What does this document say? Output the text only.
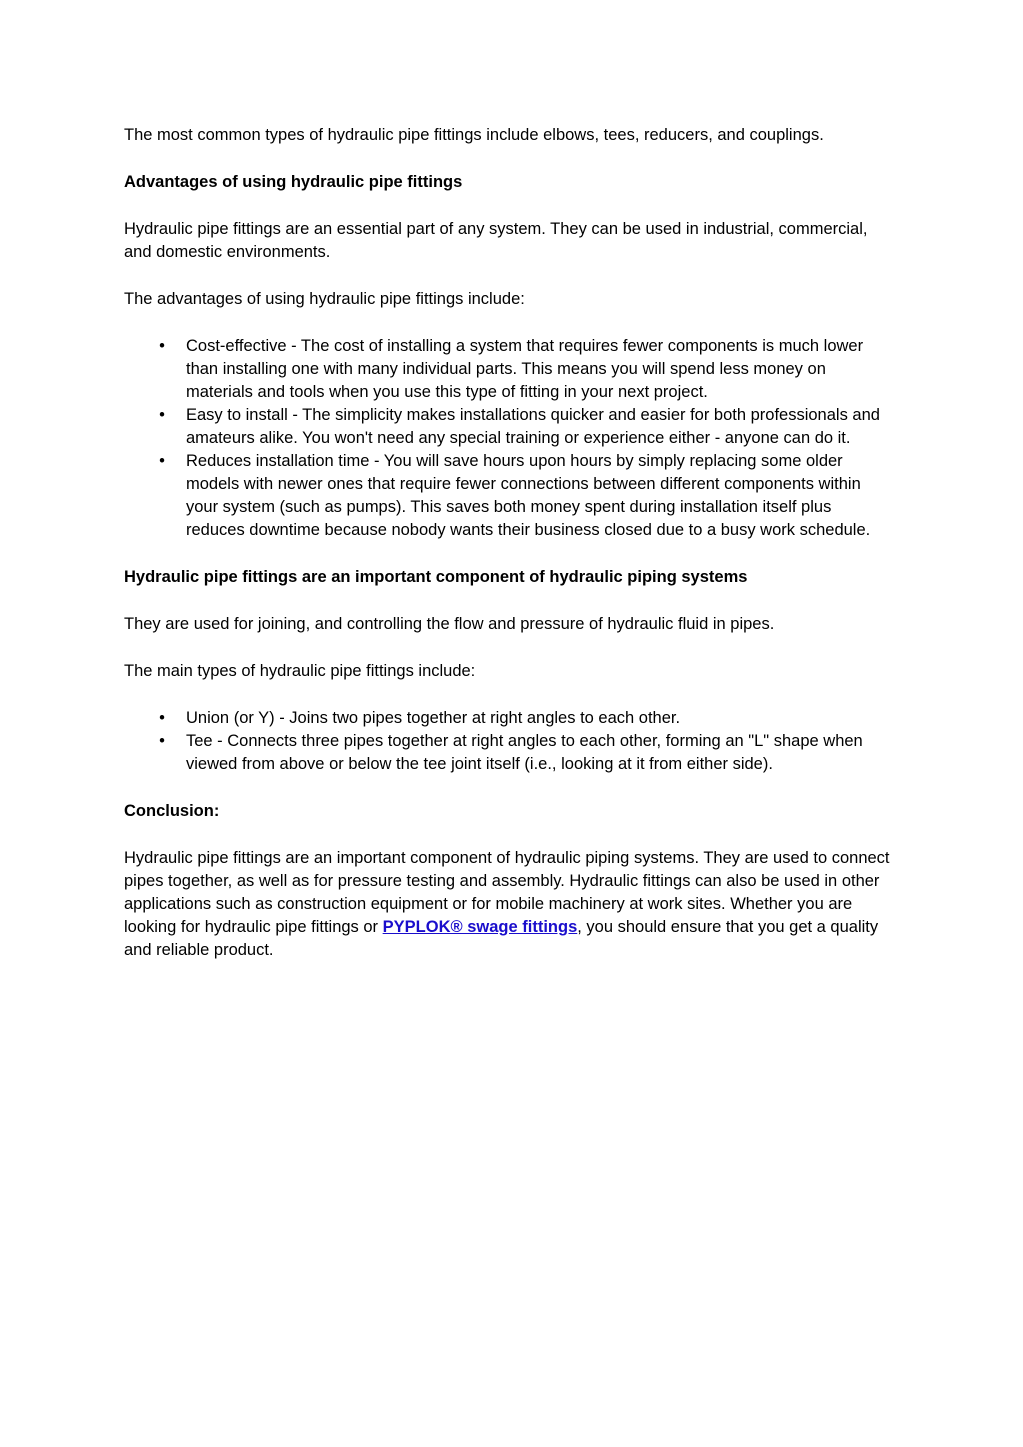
The most common types of hydraulic pipe fittings include elbows, tees, reducers, and couplings.

Advantages of using hydraulic pipe fittings

Hydraulic pipe fittings are an essential part of any system. They can be used in industrial, commercial, and domestic environments.

The advantages of using hydraulic pipe fittings include:

• Cost-effective - The cost of installing a system that requires fewer components is much lower than installing one with many individual parts. This means you will spend less money on materials and tools when you use this type of fitting in your next project.
• Easy to install - The simplicity makes installations quicker and easier for both professionals and amateurs alike. You won't need any special training or experience either - anyone can do it.
• Reduces installation time - You will save hours upon hours by simply replacing some older models with newer ones that require fewer connections between different components within your system (such as pumps). This saves both money spent during installation itself plus reduces downtime because nobody wants their business closed due to a busy work schedule.

Hydraulic pipe fittings are an important component of hydraulic piping systems

They are used for joining, and controlling the flow and pressure of hydraulic fluid in pipes.

The main types of hydraulic pipe fittings include:

• Union (or Y) - Joins two pipes together at right angles to each other.
• Tee - Connects three pipes together at right angles to each other, forming an "L" shape when viewed from above or below the tee joint itself (i.e., looking at it from either side).

Conclusion:

Hydraulic pipe fittings are an important component of hydraulic piping systems. They are used to connect pipes together, as well as for pressure testing and assembly. Hydraulic fittings can also be used in other applications such as construction equipment or for mobile machinery at work sites. Whether you are looking for hydraulic pipe fittings or PYPLOK® swage fittings, you should ensure that you get a quality and reliable product.
